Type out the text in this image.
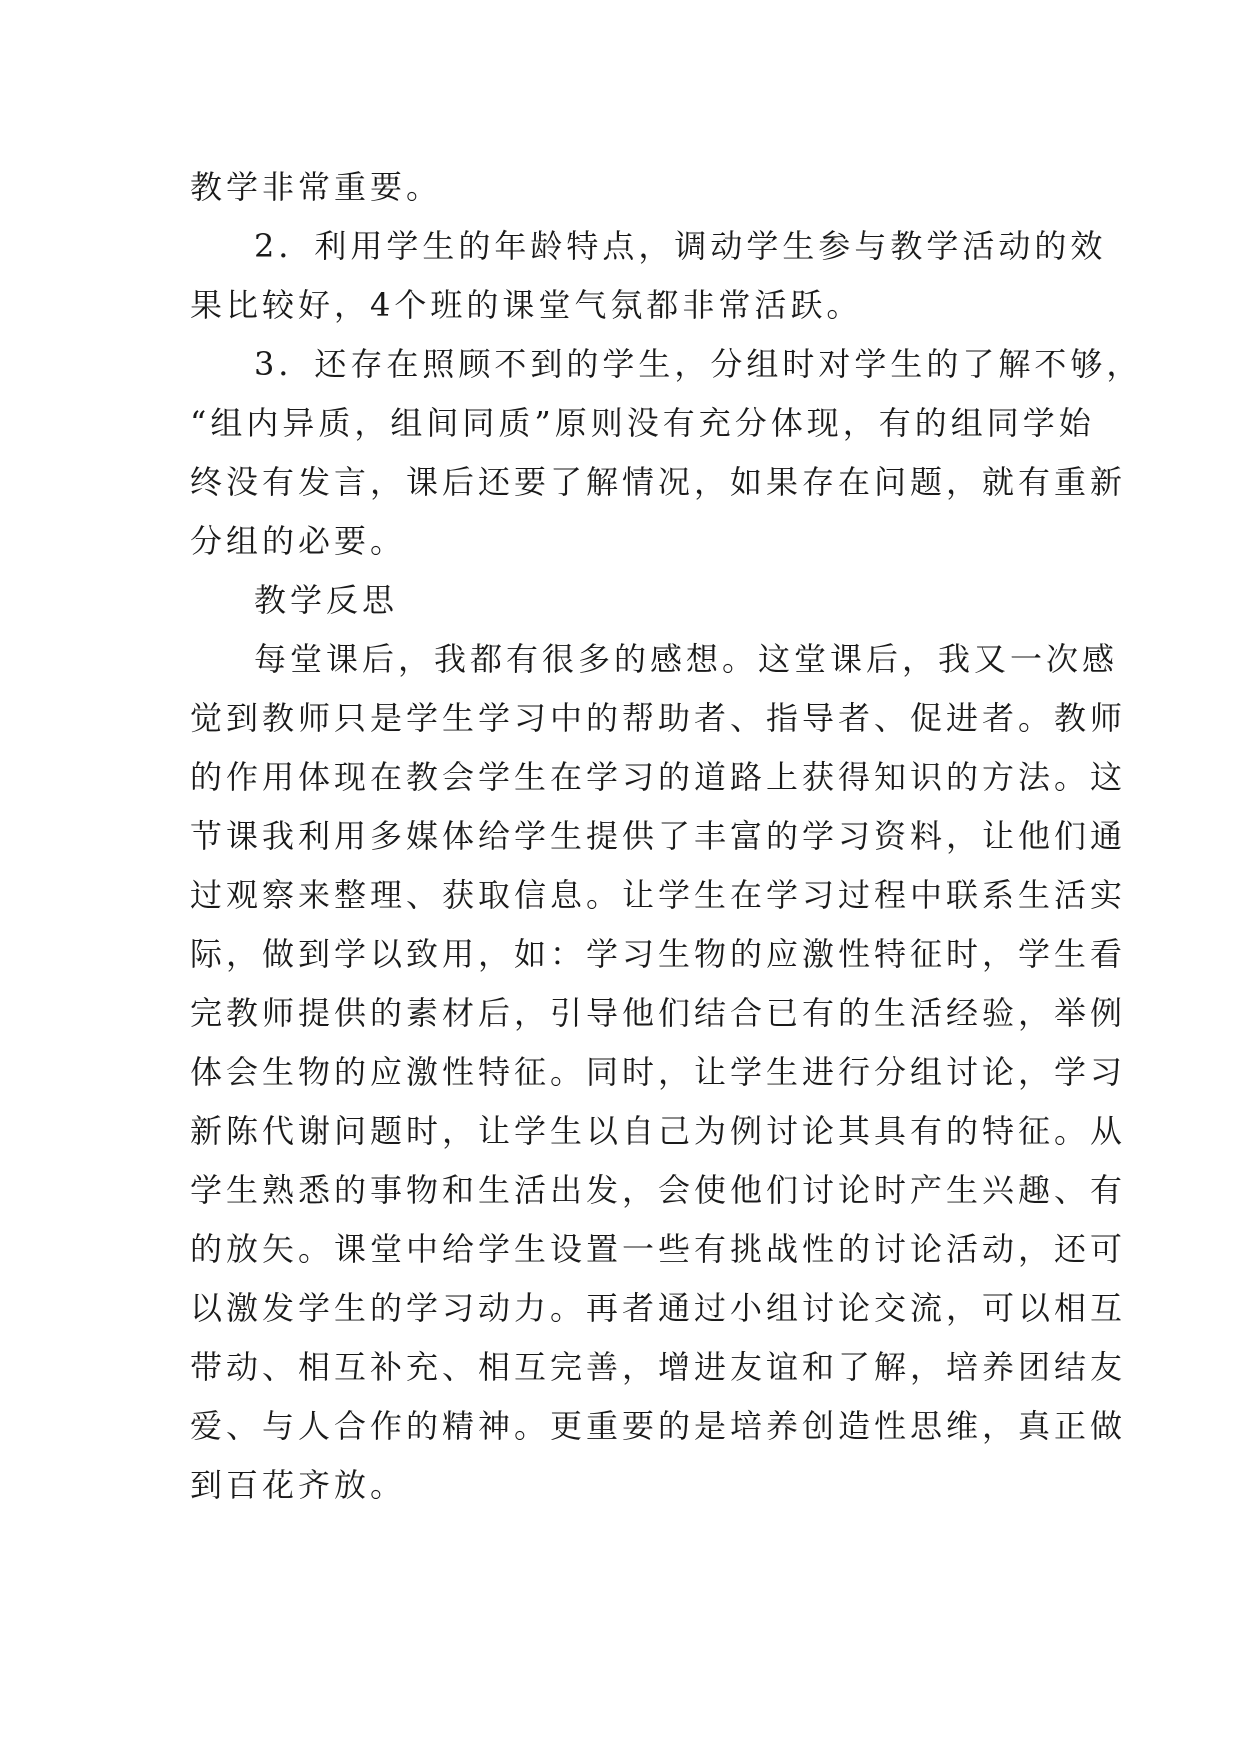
教学非常重要。
2．利用学生的年龄特点，调动学生参与教学活动的效
果比较好，4个班的课堂气氛都非常活跃。
3．还存在照顾不到的学生，分组时对学生的了解不够，
“组内异质，组间同质”原则没有充分体现，有的组同学始
终没有发言，课后还要了解情况，如果存在问题，就有重新
分组的必要。
教学反思
每堂课后，我都有很多的感想。这堂课后，我又一次感
觉到教师只是学生学习中的帮助者、指导者、促进者。教师
的作用体现在教会学生在学习的道路上获得知识的方法。这
节课我利用多媒体给学生提供了丰富的学习资料，让他们通
过观察来整理、获取信息。让学生在学习过程中联系生活实
际，做到学以致用，如：学习生物的应激性特征时，学生看
完教师提供的素材后，引导他们结合已有的生活经验，举例
体会生物的应激性特征。同时，让学生进行分组讨论，学习
新陈代谢问题时，让学生以自己为例讨论其具有的特征。从
学生熟悉的事物和生活出发，会使他们讨论时产生兴趣、有
的放矢。课堂中给学生设置一些有挑战性的讨论活动，还可
以激发学生的学习动力。再者通过小组讨论交流，可以相互
带动、相互补充、相互完善，增进友谊和了解，培养团结友
爱、与人合作的精神。更重要的是培养创造性思维，真正做
到百花齐放。
